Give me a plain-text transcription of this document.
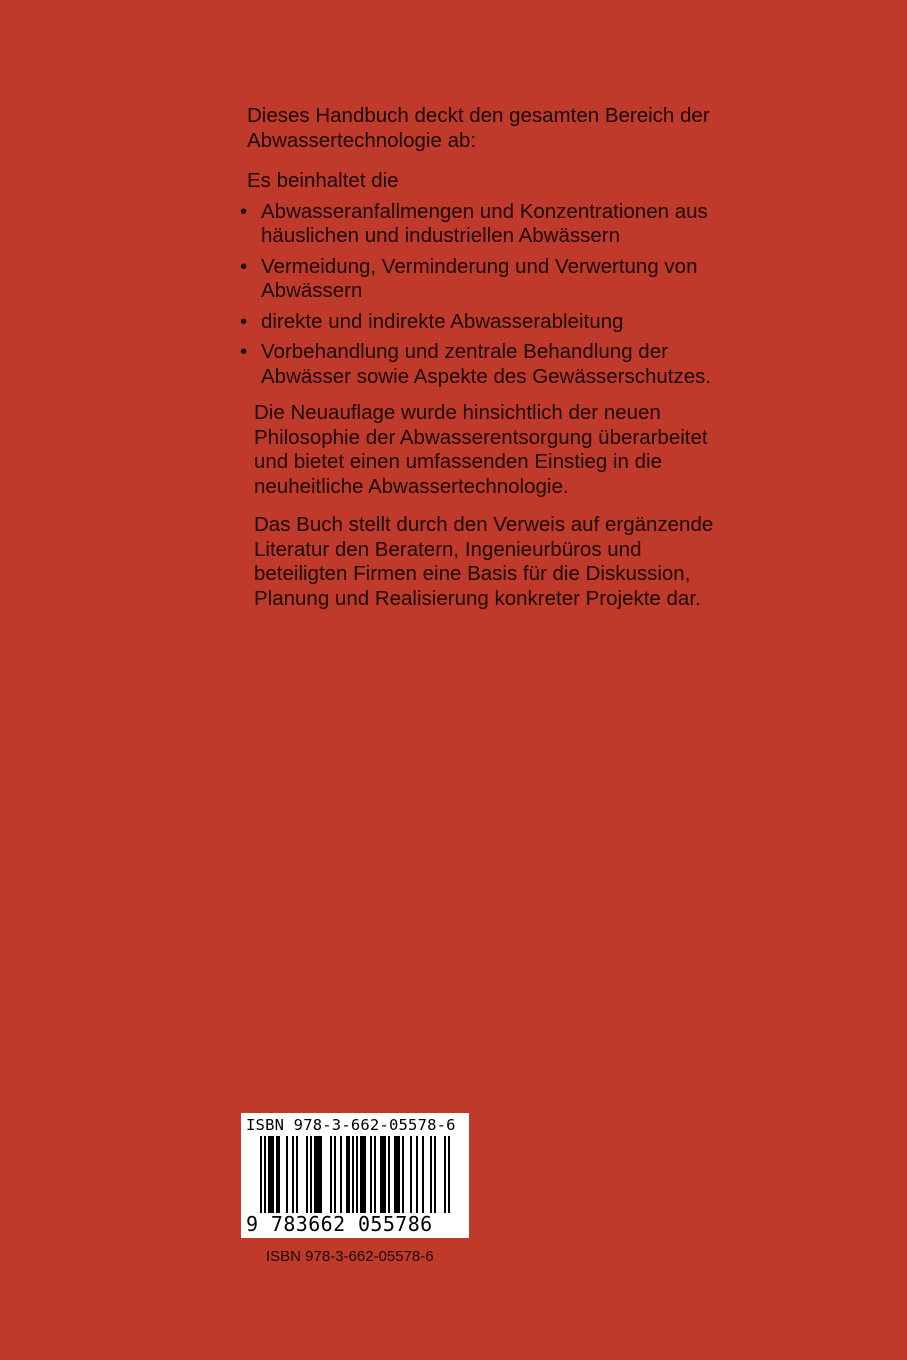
Dieses Handbuch deckt den gesamten Bereich der Abwassertechnologie ab:

Es beinhaltet die

• Abwasseranfallmengen und Konzentrationen aus häuslichen und industriellen Abwässern
• Vermeidung, Verminderung und Verwertung von Abwässern
• direkte und indirekte Abwasserableitung
• Vorbehandlung und zentrale Behandlung der Abwässer sowie Aspekte des Gewässerschutzes.

Die Neuauflage wurde hinsichtlich der neuen Philosophie der Abwasserentsorgung überarbeitet und bietet einen umfassenden Einstieg in die neuheitliche Abwassertechnologie.

Das Buch stellt durch den Verweis auf ergänzende Literatur den Beratern, Ingenieurbüros und beteiligten Firmen eine Basis für die Diskussion, Planung und Realisierung konkreter Projekte dar.

ISBN 978-3-662-05578-6
9 783662 055786
ISBN 978-3-662-05578-6
